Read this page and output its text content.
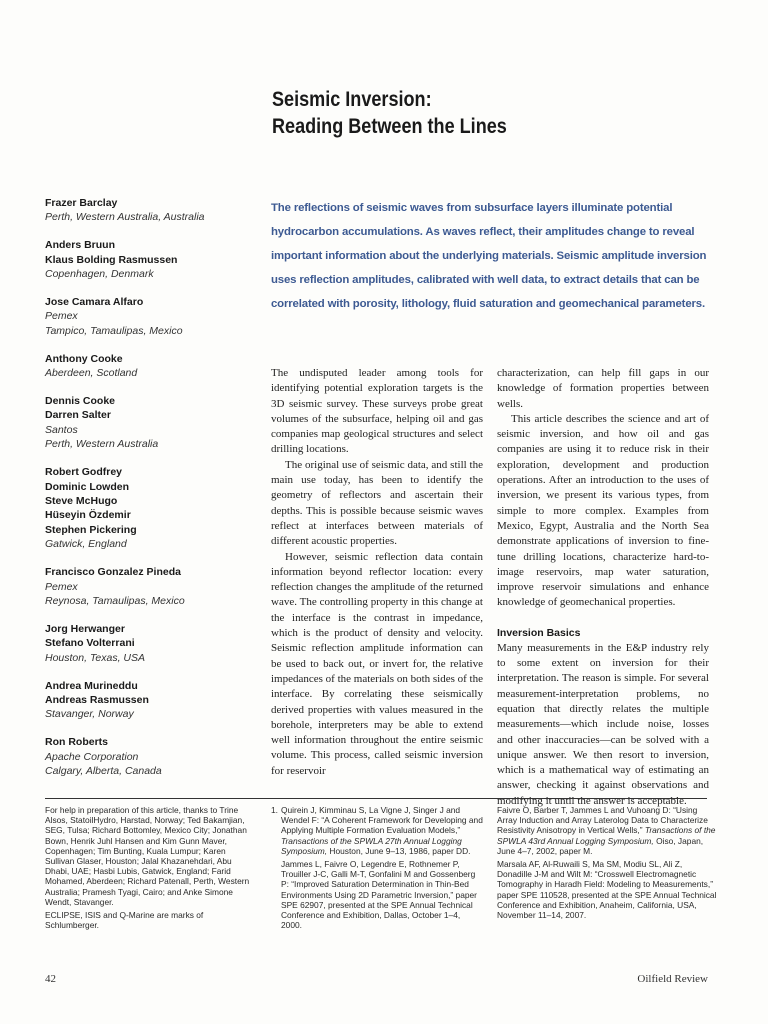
Seismic Inversion:
Reading Between the Lines
Frazer Barclay
Perth, Western Australia, Australia
Anders Bruun
Klaus Bolding Rasmussen
Copenhagen, Denmark
Jose Camara Alfaro
Pemex
Tampico, Tamaulipas, Mexico
Anthony Cooke
Aberdeen, Scotland
Dennis Cooke
Darren Salter
Santos
Perth, Western Australia
Robert Godfrey
Dominic Lowden
Steve McHugo
Hüseyin Özdemir
Stephen Pickering
Gatwick, England
Francisco Gonzalez Pineda
Pemex
Reynosa, Tamaulipas, Mexico
Jorg Herwanger
Stefano Volterrani
Houston, Texas, USA
Andrea Murineddu
Andreas Rasmussen
Stavanger, Norway
Ron Roberts
Apache Corporation
Calgary, Alberta, Canada
The reflections of seismic waves from subsurface layers illuminate potential
hydrocarbon accumulations. As waves reflect, their amplitudes change to reveal
important information about the underlying materials. Seismic amplitude inversion
uses reflection amplitudes, calibrated with well data, to extract details that can be
correlated with porosity, lithology, fluid saturation and geomechanical parameters.

The undisputed leader among tools for identifying potential exploration targets is the 3D seismic survey. These surveys probe great volumes of the subsurface, helping oil and gas companies map geological structures and select drilling locations.

The original use of seismic data, and still the main use today, has been to identify the geometry of reflectors and ascertain their depths. This is possible because seismic waves reflect at interfaces between materials of different acoustic properties.

However, seismic reflection data contain information beyond reflector location: every reflection changes the amplitude of the returned wave. The controlling property in this change at the interface is the contrast in impedance, which is the product of density and velocity. Seismic reflection amplitude information can be used to back out, or invert for, the relative impedances of the materials on both sides of the interface. By correlating these seismically derived properties with values measured in the borehole, interpreters may be able to extend well information throughout the entire seismic volume. This process, called seismic inversion for reservoir

characterization, can help fill gaps in our knowledge of formation properties between wells.

This article describes the science and art of seismic inversion, and how oil and gas companies are using it to reduce risk in their exploration, development and production operations. After an introduction to the uses of inversion, we present its various types, from simple to more complex. Examples from Mexico, Egypt, Australia and the North Sea demonstrate applications of inversion to fine-tune drilling locations, characterize hard-to-image reservoirs, map water saturation, improve reservoir simulations and enhance knowledge of geomechanical properties.

Inversion Basics

Many measurements in the E&P industry rely to some extent on inversion for their interpretation. The reason is simple. For several measurement-interpretation problems, no equation that directly relates the multiple measurements—which include noise, losses and other inaccuracies—can be solved with a unique answer. We then resort to inversion, which is a mathematical way of estimating an answer, checking it against observations and modifying it until the answer is acceptable.

For help in preparation of this article, thanks to Trine Alsos, StatoilHydro, Harstad, Norway; Ted Bakamjian, SEG, Tulsa; Richard Bottomley, Mexico City; Jonathan Bown, Henrik Juhl Hansen and Kim Gunn Maver, Copenhagen; Tim Bunting, Kuala Lumpur; Karen Sullivan Glaser, Houston; Jalal Khazanehdari, Abu Dhabi, UAE; Hasbi Lubis, Gatwick, England; Farid Mohamed, Aberdeen; Richard Patenall, Perth, Western Australia; Pramesh Tyagi, Cairo; and Anke Simone Wendt, Stavanger.

ECLIPSE, ISIS and Q-Marine are marks of Schlumberger.

1. Quirein J, Kimminau S, La Vigne J, Singer J and Wendel F: “A Coherent Framework for Developing and Applying Multiple Formation Evaluation Models,” Transactions of the SPWLA 27th Annual Logging Symposium, Houston, June 9–13, 1986, paper DD.

Jammes L, Faivre O, Legendre E, Rothnemer P, Trouiller J-C, Galli M-T, Gonfalini M and Gossenberg P: “Improved Saturation Determination in Thin-Bed Environments Using 2D Parametric Inversion,” paper SPE 62907, presented at the SPE Annual Technical Conference and Exhibition, Dallas, October 1–4, 2000.

Faivre O, Barber T, Jammes L and Vuhoang D: “Using Array Induction and Array Laterolog Data to Characterize Resistivity Anisotropy in Vertical Wells,” Transactions of the SPWLA 43rd Annual Logging Symposium, Oiso, Japan, June 4–7, 2002, paper M.

Marsala AF, Al-Ruwaili S, Ma SM, Modiu SL, Ali Z, Donadille J-M and Wilt M: “Crosswell Electromagnetic Tomography in Haradh Field: Modeling to Measurements,” paper SPE 110528, presented at the SPE Annual Technical Conference and Exhibition, Anaheim, California, USA, November 11–14, 2007.

42	Oilfield Review
